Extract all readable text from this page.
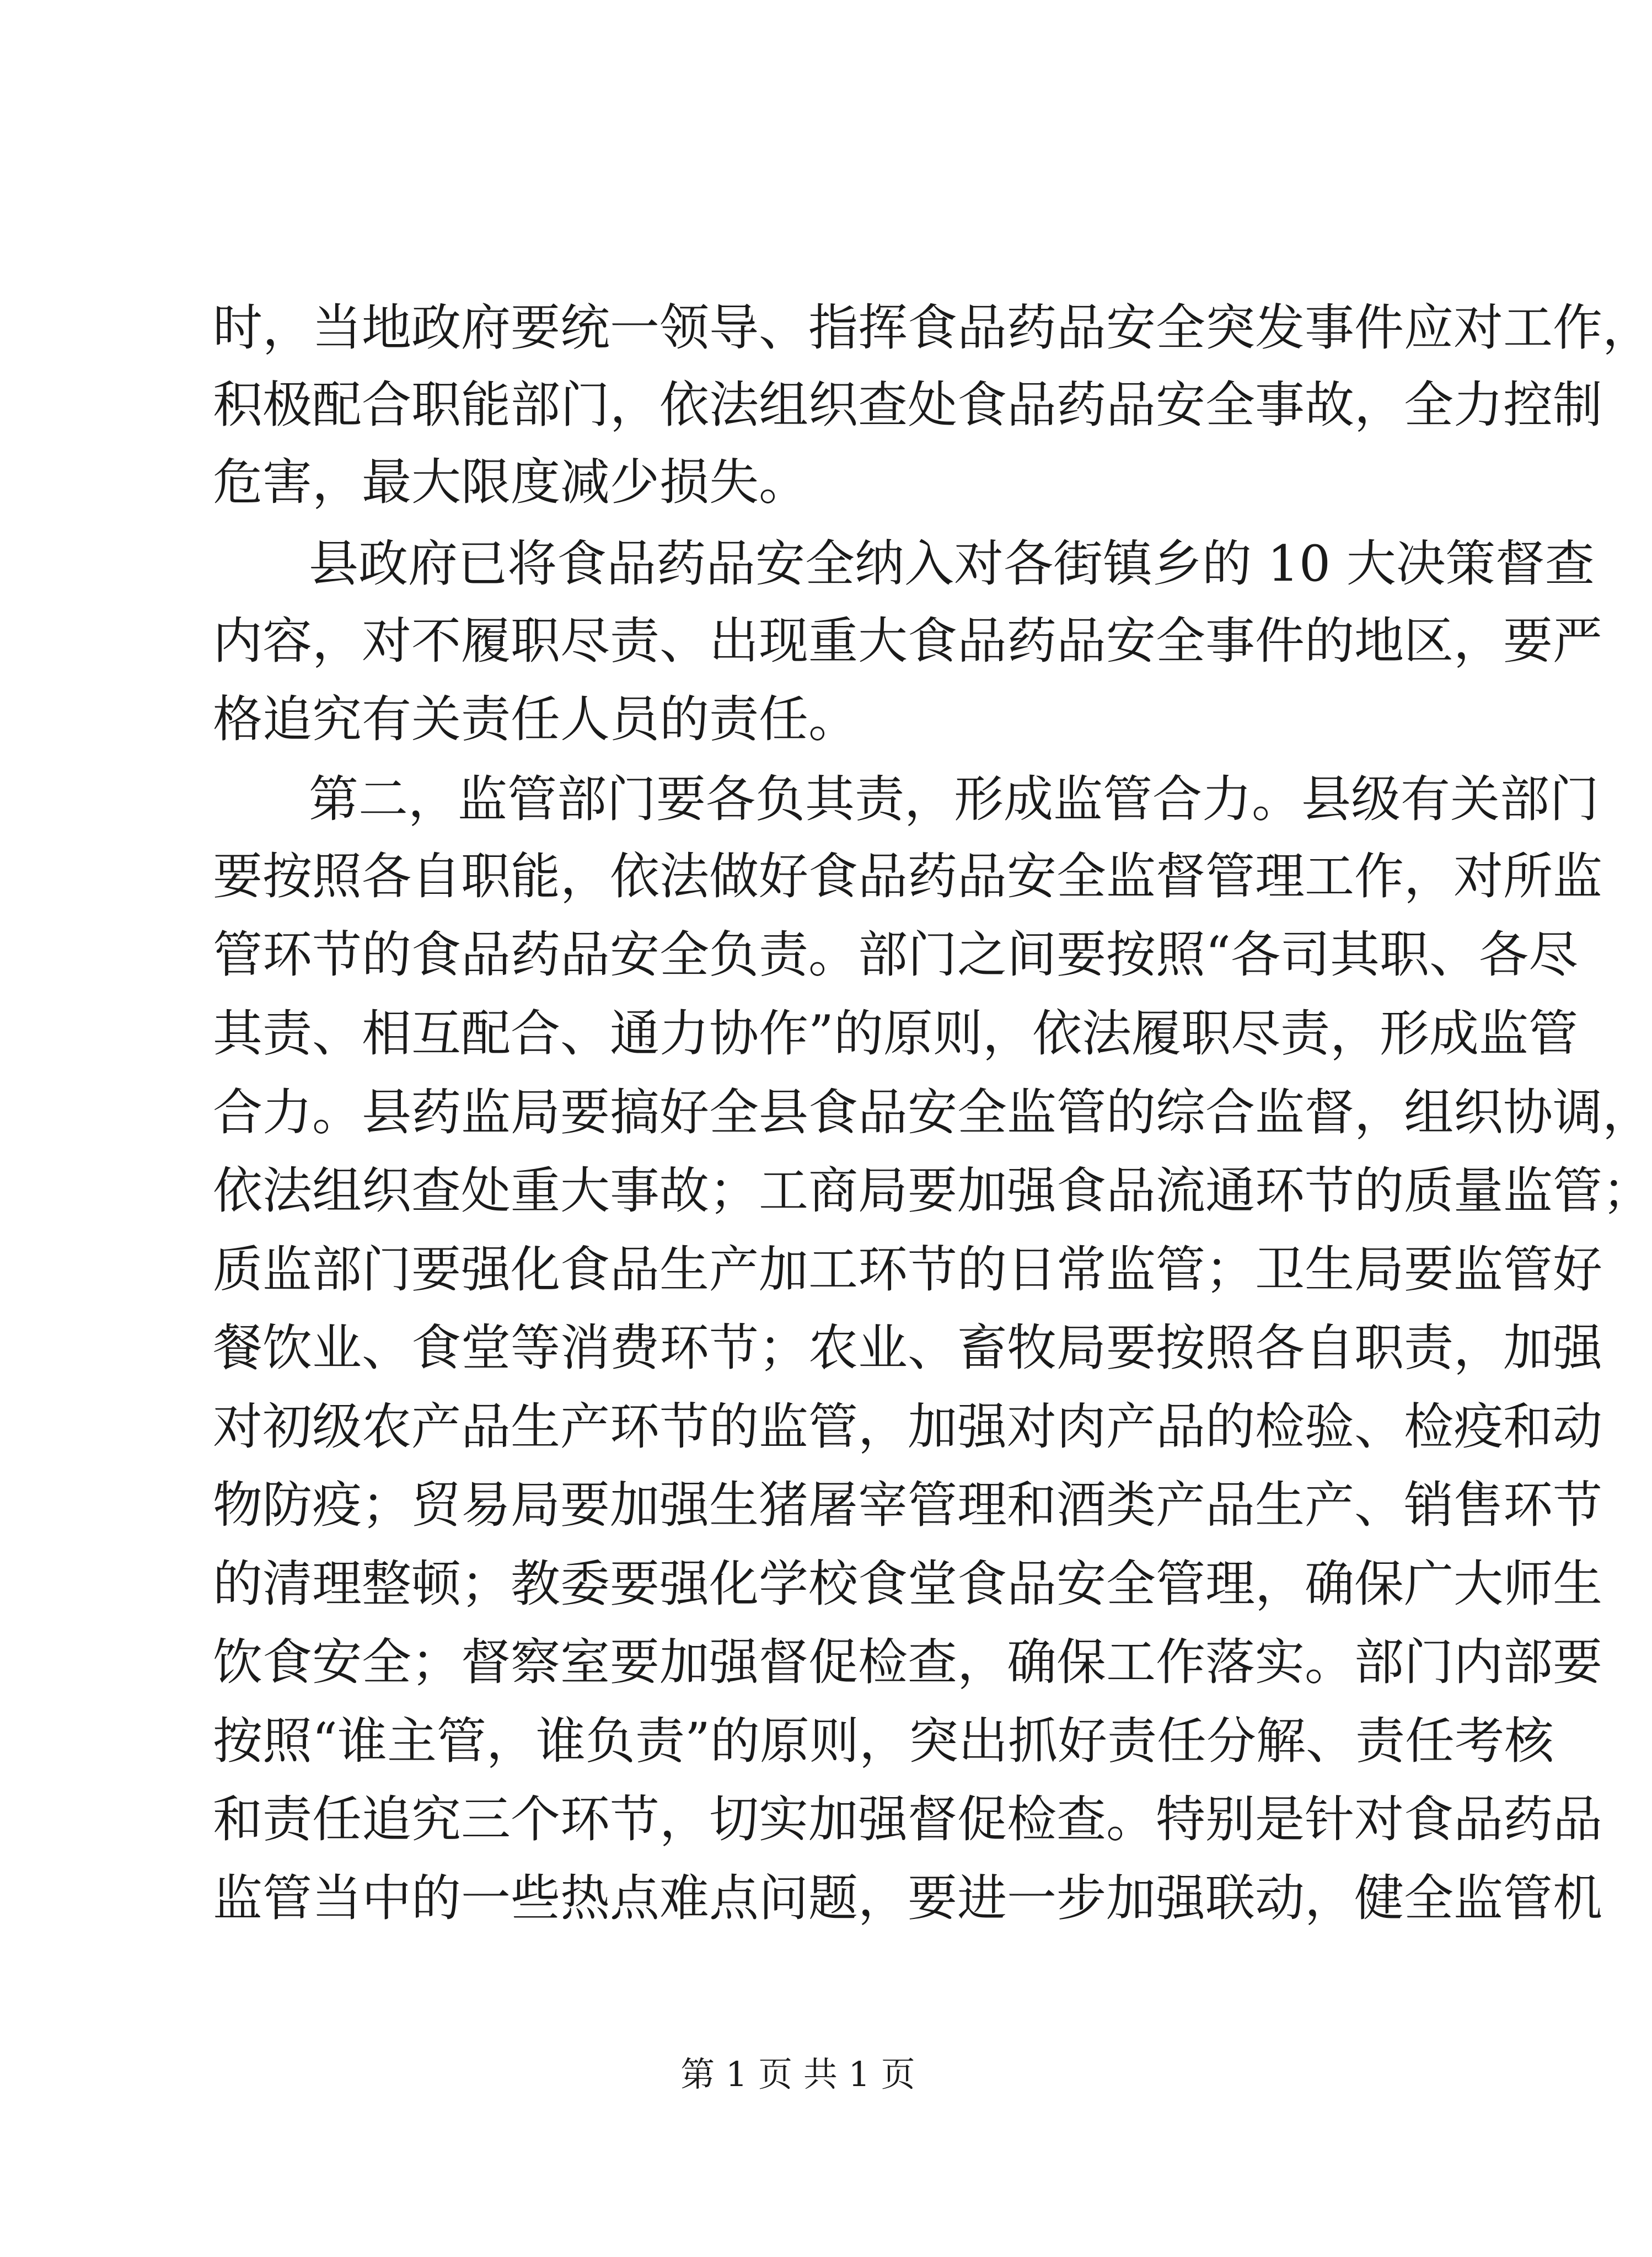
时，当地政府要统一领导、指挥食品药品安全突发事件应对工作，
积极配合职能部门，依法组织查处食品药品安全事故，全力控制
危害，最大限度减少损失。
县政府已将食品药品安全纳入对各街镇乡的 10 大决策督查
内容，对不履职尽责、出现重大食品药品安全事件的地区，要严
格追究有关责任人员的责任。
第二，监管部门要各负其责，形成监管合力。县级有关部门
要按照各自职能，依法做好食品药品安全监督管理工作，对所监
管环节的食品药品安全负责。部门之间要按照“各司其职、各尽
其责、相互配合、通力协作”的原则，依法履职尽责，形成监管
合力。县药监局要搞好全县食品安全监管的综合监督，组织协调，
依法组织查处重大事故；工商局要加强食品流通环节的质量监管；
质监部门要强化食品生产加工环节的日常监管；卫生局要监管好
餐饮业、食堂等消费环节；农业、畜牧局要按照各自职责，加强
对初级农产品生产环节的监管，加强对肉产品的检验、检疫和动
物防疫；贸易局要加强生猪屠宰管理和酒类产品生产、销售环节
的清理整顿；教委要强化学校食堂食品安全管理，确保广大师生
饮食安全；督察室要加强督促检查，确保工作落实。部门内部要
按照“谁主管，谁负责”的原则，突出抓好责任分解、责任考核
和责任追究三个环节，切实加强督促检查。特别是针对食品药品
监管当中的一些热点难点问题，要进一步加强联动，健全监管机
第 1 页 共 1 页
